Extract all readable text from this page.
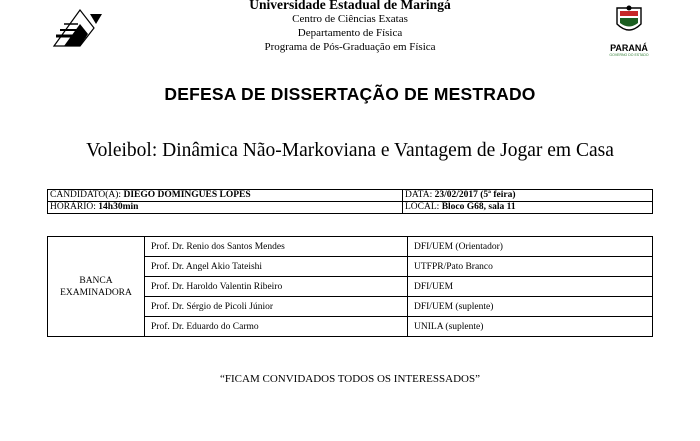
Universidade Estadual de Maringá
Centro de Ciências Exatas
Departamento de Física
Programa de Pós-Graduação em Física	PARANÁ
GOVERNO DO ESTADO
DEFESA DE DISSERTAÇÃO DE MESTRADO
Voleibol: Dinâmica Não-Markoviana e Vantagem de Jogar em Casa
CANDIDATO(A): DIEGO DOMINGUES LOPES	DATA: 23/02/2017 (5ª feira)
HORÁRIO: 14h30min	LOCAL: Bloco G68, sala 11
BANCA EXAMINADORA	Prof. Dr. Renio dos Santos Mendes	DFI/UEM (Orientador)
	Prof. Dr. Angel Akio Tateishi	UTFPR/Pato Branco
	Prof. Dr. Haroldo Valentin Ribeiro	DFI/UEM
	Prof. Dr. Sérgio de Picoli Júnior	DFI/UEM (suplente)
	Prof. Dr. Eduardo do Carmo	UNILA (suplente)
“FICAM CONVIDADOS TODOS OS INTERESSADOS”
